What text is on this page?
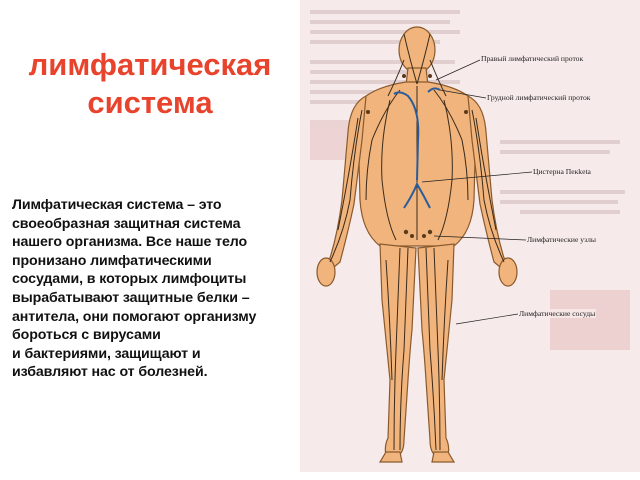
лимфатическая
система
Лимфатическая система – это
своеобразная защитная система
нашего организма. Все наше тело
пронизано лимфатическими
сосудами, в которых лимфоциты
вырабатывают защитные белки –
антитела, они помогают организму
бороться с вирусами
и бактериями, защищают и
избавляют нас от болезней.
Правый лимфатический проток
Грудной лимфатический проток
Цистерна Пекketа
Лимфатические узлы
Лимфатические сосуды
